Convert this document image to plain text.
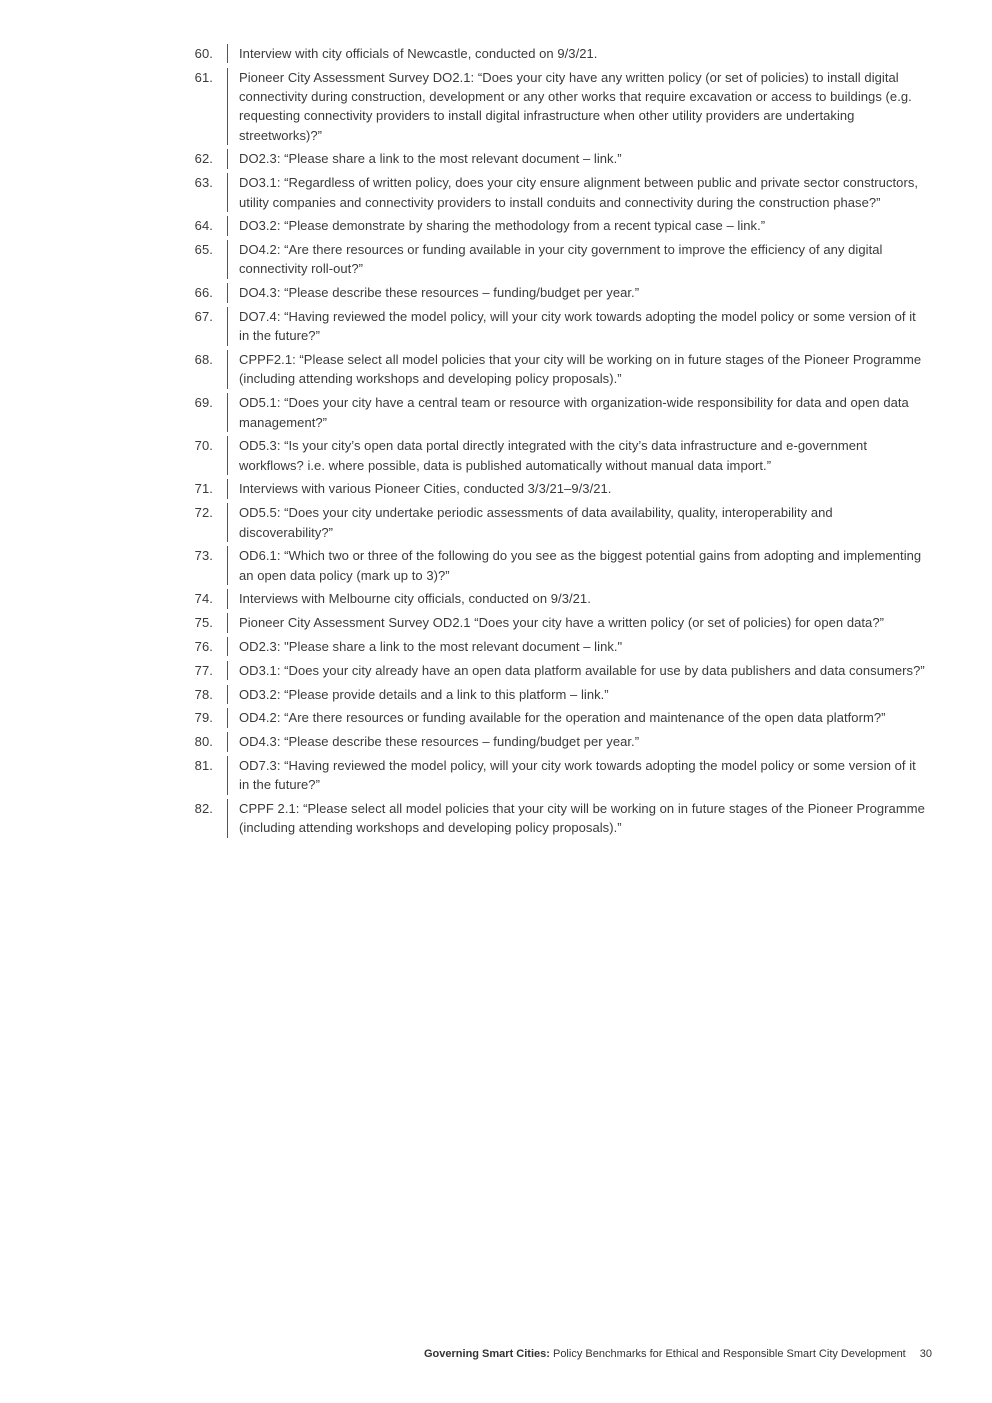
60.	Interview with city officials of Newcastle, conducted on 9/3/21.
61.	Pioneer City Assessment Survey DO2.1: “Does your city have any written policy (or set of policies) to install digital connectivity during construction, development or any other works that require excavation or access to buildings (e.g. requesting connectivity providers to install digital infrastructure when other utility providers are undertaking streetworks)?”
62.	DO2.3: “Please share a link to the most relevant document – link.”
63.	DO3.1: “Regardless of written policy, does your city ensure alignment between public and private sector constructors, utility companies and connectivity providers to install conduits and connectivity during the construction phase?”
64.	DO3.2: “Please demonstrate by sharing the methodology from a recent typical case – link.”
65.	DO4.2: “Are there resources or funding available in your city government to improve the efficiency of any digital connectivity roll-out?”
66.	DO4.3: “Please describe these resources – funding/budget per year.”
67.	DO7.4: “Having reviewed the model policy, will your city work towards adopting the model policy or some version of it in the future?”
68.	CPPF2.1: “Please select all model policies that your city will be working on in future stages of the Pioneer Programme (including attending workshops and developing policy proposals).”
69.	OD5.1: “Does your city have a central team or resource with organization-wide responsibility for data and open data management?”
70.	OD5.3: “Is your city’s open data portal directly integrated with the city’s data infrastructure and e-government workflows? i.e. where possible, data is published automatically without manual data import.”
71.	Interviews with various Pioneer Cities, conducted 3/3/21–9/3/21.
72.	OD5.5: “Does your city undertake periodic assessments of data availability, quality, interoperability and discoverability?”
73.	OD6.1: “Which two or three of the following do you see as the biggest potential gains from adopting and implementing an open data policy (mark up to 3)?”
74.	Interviews with Melbourne city officials, conducted on 9/3/21.
75.	Pioneer City Assessment Survey OD2.1 “Does your city have a written policy (or set of policies) for open data?”
76.	OD2.3: "Please share a link to the most relevant document – link."
77.	OD3.1: “Does your city already have an open data platform available for use by data publishers and data consumers?”
78.	OD3.2: “Please provide details and a link to this platform – link.”
79.	OD4.2: “Are there resources or funding available for the operation and maintenance of the open data platform?”
80.	OD4.3: “Please describe these resources – funding/budget per year.”
81.	OD7.3: “Having reviewed the model policy, will your city work towards adopting the model policy or some version of it in the future?”
82.	CPPF 2.1: “Please select all model policies that your city will be working on in future stages of the Pioneer Programme (including attending workshops and developing policy proposals).”
Governing Smart Cities: Policy Benchmarks for Ethical and Responsible Smart City Development 30
